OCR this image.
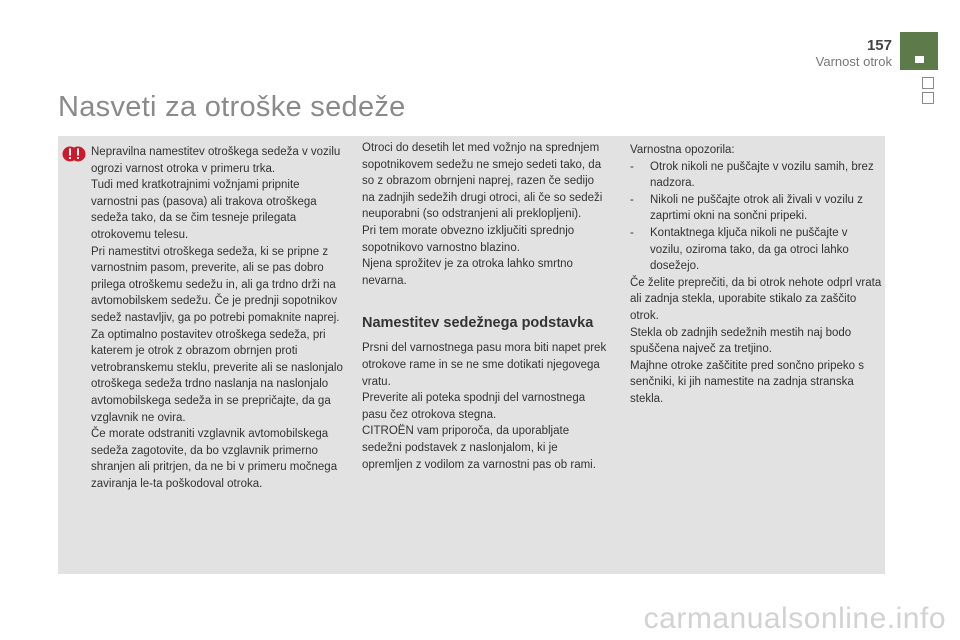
157
Varnost otrok
Nasveti za otroške sedeže

Nepravilna namestitev otroškega sedeža v vozilu ogrozi varnost otroka v primeru trka.

Tudi med kratkotrajnimi vožnjami pripnite varnostni pas (pasova) ali trakova otroškega sedeža tako, da se čim tesneje prilegata otrokovemu telesu.

Pri namestitvi otroškega sedeža, ki se pripne z varnostnim pasom, preverite, ali se pas dobro prilega otroškemu sedežu in, ali ga trdno drži na avtomobilskem sedežu. Če je prednji sopotnikov sedež nastavljiv, ga po potrebi pomaknite naprej.

Za optimalno postavitev otroškega sedeža, pri katerem je otrok z obrazom obrnjen proti vetrobranskemu steklu, preverite ali se naslonjalo otroškega sedeža trdno naslanja na naslonjalo avtomobilskega sedeža in se prepričajte, da ga vzglavnik ne ovira.

Če morate odstraniti vzglavnik avtomobilskega sedeža zagotovite, da bo vzglavnik primerno shranjen ali pritrjen, da ne bi v primeru močnega zaviranja le-ta poškodoval otroka.

Otroci do desetih let med vožnjo na sprednjem sopotnikovem sedežu ne smejo sedeti tako, da so z obrazom obrnjeni naprej, razen če sedijo na zadnjih sedežih drugi otroci, ali če so sedeži neuporabni (so odstranjeni ali preklopljeni).

Pri tem morate obvezno izključiti sprednjo sopotnikovo varnostno blazino.

Njena sprožitev je za otroka lahko smrtno nevarna.

Namestitev sedežnega podstavka

Prsni del varnostnega pasu mora biti napet prek otrokove rame in se ne sme dotikati njegovega vratu.

Preverite ali poteka spodnji del varnostnega pasu čez otrokova stegna.

CITROËN vam priporoča, da uporabljate sedežni podstavek z naslonjalom, ki je opremljen z vodilom za varnostni pas ob rami.

Varnostna opozorila:

- Otrok nikoli ne puščajte v vozilu samih, brez nadzora.
- Nikoli ne puščajte otrok ali živali v vozilu z zaprtimi okni na sončni pripeki.
- Kontaktnega ključa nikoli ne puščajte v vozilu, oziroma tako, da ga otroci lahko dosežejo.

Če želite preprečiti, da bi otrok nehote odprl vrata ali zadnja stekla, uporabite stikalo za zaščito otrok.

Stekla ob zadnjih sedežnih mestih naj bodo spuščena največ za tretjino.

Majhne otroke zaščitite pred sončno pripeko s senčniki, ki jih namestite na zadnja stranska stekla.

carmanualsonline.info
